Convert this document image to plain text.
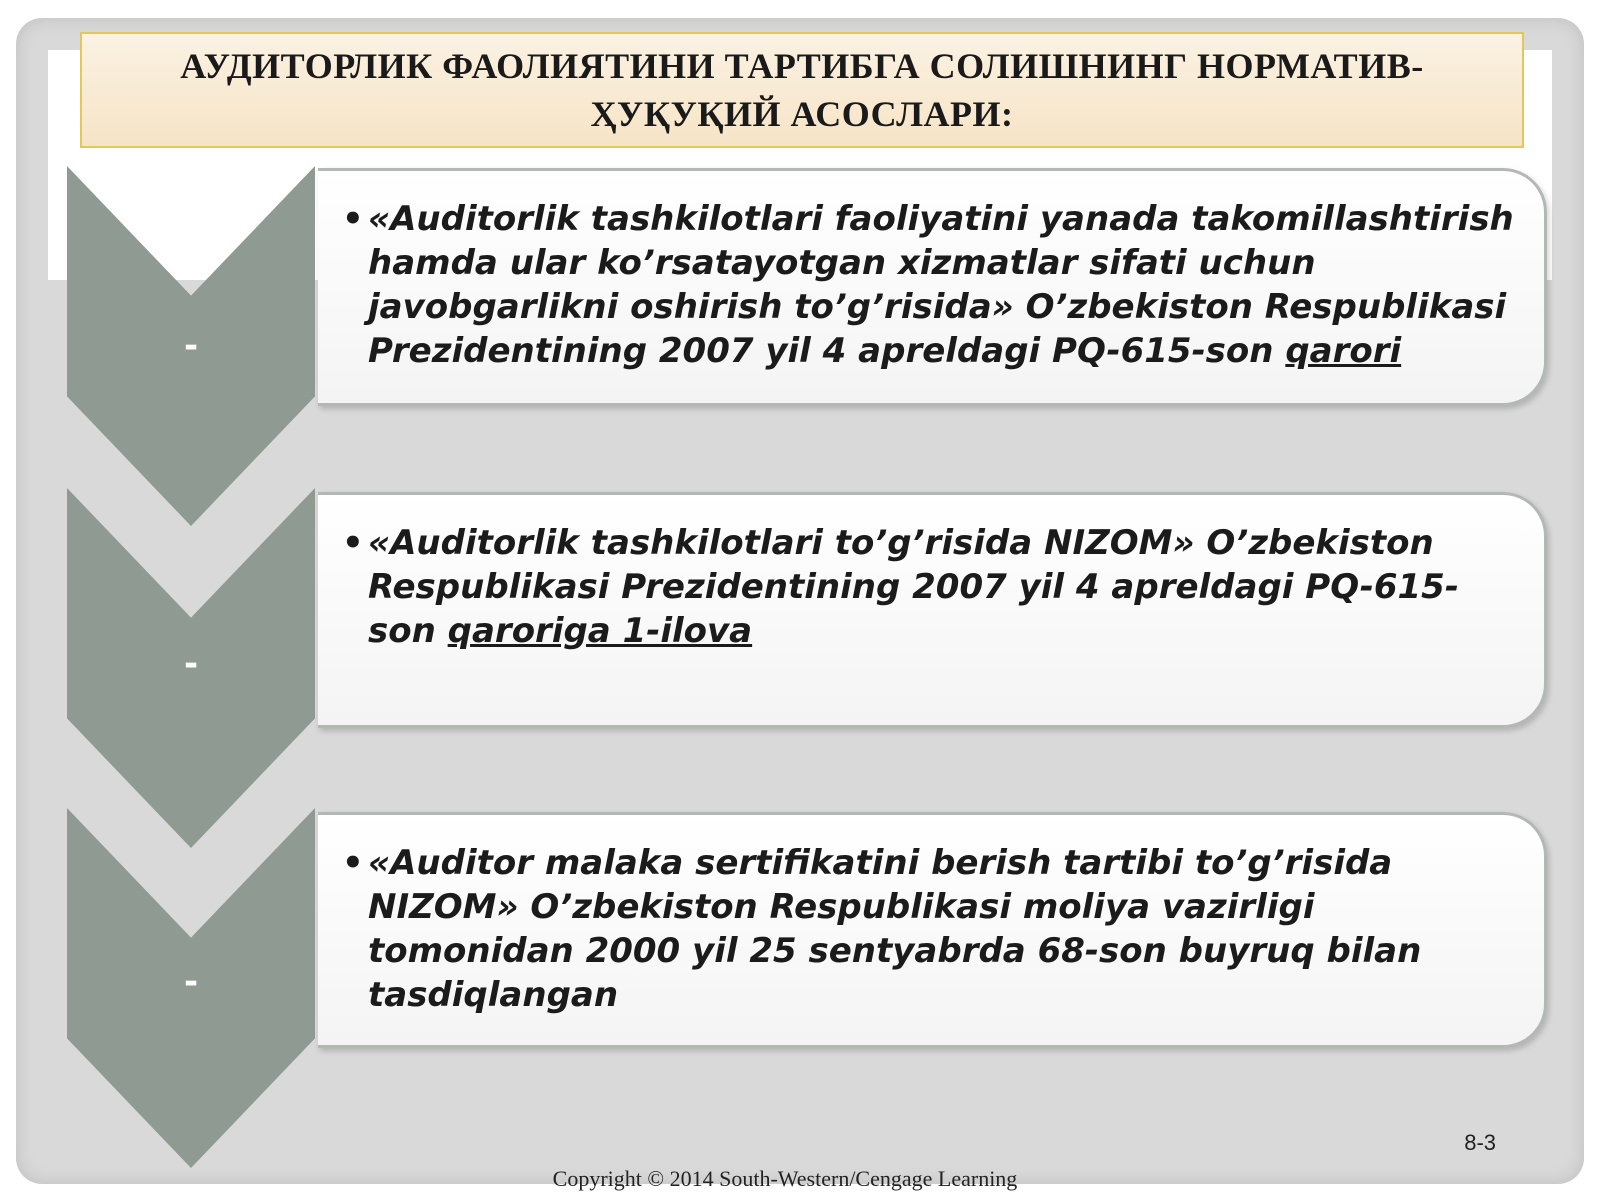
АУДИТОРЛИК ФАОЛИЯТИНИ ТАРТИБГА СОЛИШНИНГ НОРМАТИВ-ҲУҚУҚИЙ АСОСЛАРИ:
-
-
-
• «Auditorlik tashkilotlari faoliyatini yanada takomillashtirish hamda ular ko’rsatayotgan xizmatlar sifati uchun javobgarlikni oshirish to’g’risida» O’zbekiston Respublikasi Prezidentining 2007 yil 4 apreldagi PQ-615-son qarori
• «Auditorlik tashkilotlari to’g’risida NIZOM» O’zbekiston Respublikasi Prezidentining 2007 yil 4 apreldagi PQ-615-son qaroriga 1-ilova
• «Auditor malaka sertifikatini berish tartibi to’g’risida NIZOM» O’zbekiston Respublikasi moliya vazirligi tomonidan 2000 yil 25 sentyabrda 68-son buyruq bilan tasdiqlangan
8-3
Copyright © 2014 South-Western/Cengage Learning
